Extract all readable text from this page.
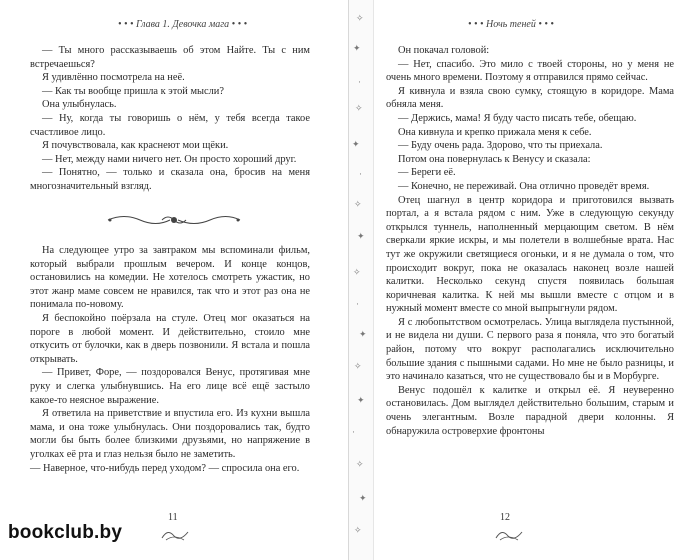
• • • Глава 1. Девочка мага • • •

— Ты много рассказываешь об этом Найте. Ты с ним встречаешься?

Я удивлённо посмотрела на неё.

— Как ты вообще пришла к этой мысли?

Она улыбнулась.

— Ну, когда ты говоришь о нём, у тебя всегда такое счастливое лицо.

Я почувствовала, как краснеют мои щёки.

— Нет, между нами ничего нет. Он просто хороший друг.

— Понятно, — только и сказала она, бросив на меня многозначительный взгляд.

На следующее утро за завтраком мы вспоминали фильм, который выбрали прошлым вечером. И конце концов, остановились на комедии. Не хотелось смотреть ужастик, но этот жанр маме совсем не нравился, так что и этот раз она не понимала по-новому.

Я беспокойно поёрзала на стуле. Отец мог оказаться на пороге в любой момент. И действительно, стоило мне откусить от булочки, как в дверь позвонили. Я встала и пошла открывать.

— Привет, Форе, — поздоровался Венус, протягивая мне руку и слегка улыбнувшись. На его лице всё ещё застыло какое-то неясное выражение.

Я ответила на приветствие и впустила его. Из кухни вышла мама, и она тоже улыбнулась. Они поздоровались так, будто могли бы быть более близкими друзьями, но напряжение в уголках её рта и глаз нельзя было не заметить.

— Наверное, что-нибудь перед уходом? — спросила она его.

11
✧
✦
·
✧
✦
·
✧
✦
✧
·
✦
✧
✦
·
✧
✦
✧
• • • Ночь теней • • •

Он покачал головой:

— Нет, спасибо. Это мило с твоей стороны, но у меня не очень много времени. Поэтому я отправился прямо сейчас.

Я кивнула и взяла свою сумку, стоящую в коридоре. Мама обняла меня.

— Держись, мама! Я буду часто писать тебе, обещаю.

Она кивнула и крепко прижала меня к себе.

— Буду очень рада. Здорово, что ты приехала.

Потом она повернулась к Венусу и сказала:

— Береги её.

— Конечно, не переживай. Она отлично проведёт время.

Отец шагнул в центр коридора и приготовился вызвать портал, а я встала рядом с ним. Уже в следующую секунду открылся туннель, наполненный мерцающим светом. В нём сверкали яркие искры, и мы полетели в волшебные врата. Нас тут же окружили светящиеся огоньки, и я не думала о том, что происходит вокруг, пока не оказалась наконец возле нашей калитки. Несколько секунд спустя появилась большая коричневая калитка. К ней мы вышли вместе с отцом и в нужный момент вместе со мной выпрыгнули рядом.

Я с любопытством осмотрелась. Улица выглядела пустынной, и не видела ни души. С первого раза я поняла, что это богатый район, потому что вокруг располагались исключительно большие здания с пышными садами. Но мне не было разницы, и это начинало казаться, что не существовало бы и в Морбурге.

Венус подошёл к калитке и открыл её. Я неуверенно остановилась. Дом выглядел действительно большим, старым и очень элегантным. Возле парадной двери колонны. Я обнаружила островерхие фронтоны

12
bookclub.by
